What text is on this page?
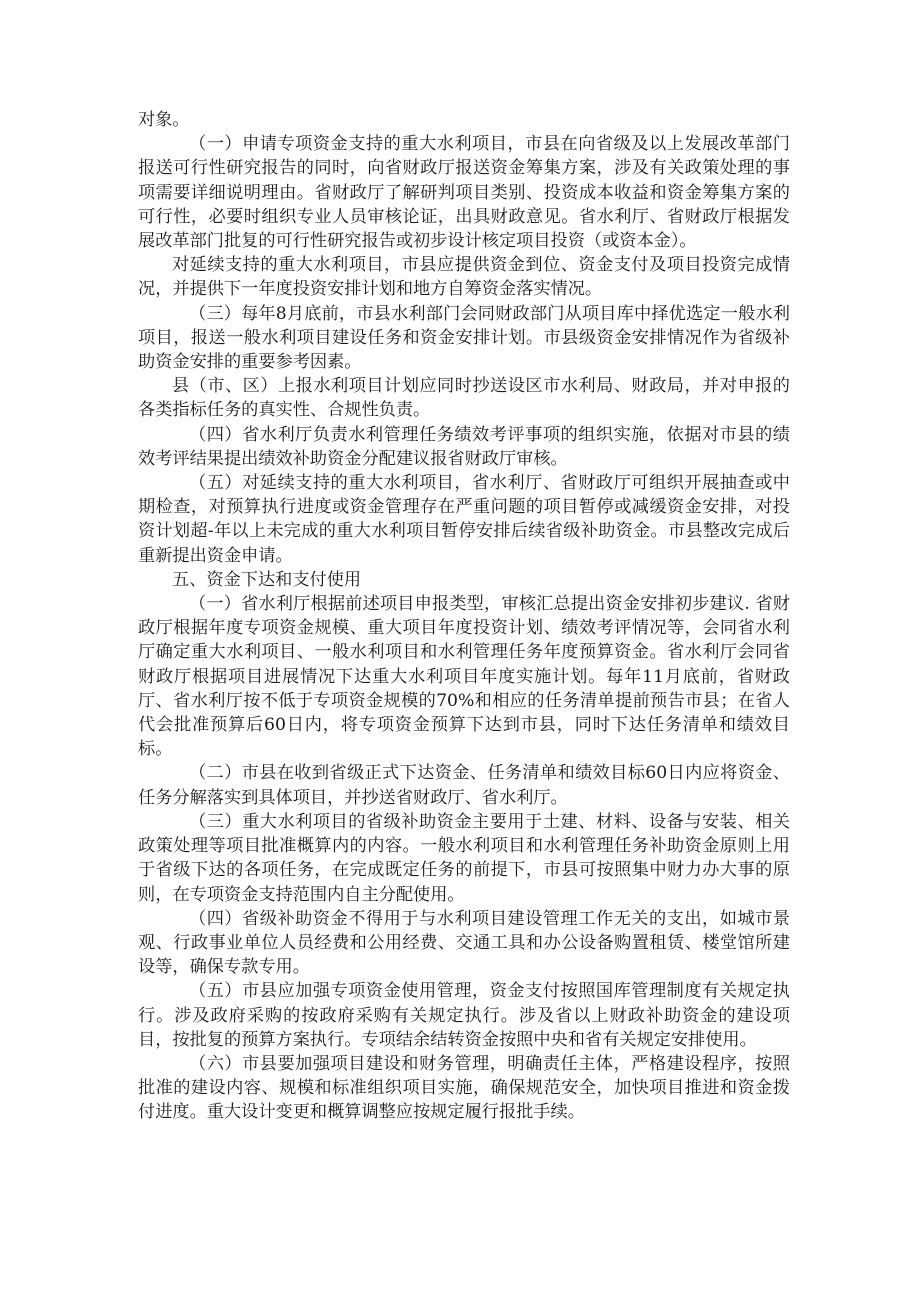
对象。

（一）申请专项资金支持的重大水利项目，市县在向省级及以上发展改革部门报送可行性研究报告的同时，向省财政厅报送资金筹集方案，涉及有关政策处理的事项需要详细说明理由。省财政厅了解研判项目类别、投资成本收益和资金筹集方案的可行性，必要时组织专业人员审核论证，出具财政意见。省水利厅、省财政厅根据发展改革部门批复的可行性研究报告或初步设计核定项目投资（或资本金）。

对延续支持的重大水利项目，市县应提供资金到位、资金支付及项目投资完成情况，并提供下一年度投资安排计划和地方自筹资金落实情况。

（三）每年8月底前，市县水利部门会同财政部门从项目库中择优选定一般水利项目，报送一般水利项目建设任务和资金安排计划。市县级资金安排情况作为省级补助资金安排的重要参考因素。

县（市、区）上报水利项目计划应同时抄送设区市水利局、财政局，并对申报的各类指标任务的真实性、合规性负责。

（四）省水利厅负责水利管理任务绩效考评事项的组织实施，依据对市县的绩效考评结果提出绩效补助资金分配建议报省财政厅审核。

（五）对延续支持的重大水利项目，省水利厅、省财政厅可组织开展抽查或中期检查，对预算执行进度或资金管理存在严重问题的项目暂停或减缓资金安排，对投资计划超-年以上未完成的重大水利项目暂停安排后续省级补助资金。市县整改完成后重新提出资金申请。

五、资金下达和支付使用

（一）省水利厅根据前述项目申报类型，审核汇总提出资金安排初步建议. 省财政厅根据年度专项资金规模、重大项目年度投资计划、绩效考评情况等，会同省水利厅确定重大水利项目、一般水利项目和水利管理任务年度预算资金。省水利厅会同省财政厅根据项目进展情况下达重大水利项目年度实施计划。每年11月底前，省财政厅、省水利厅按不低于专项资金规模的70%和相应的任务清单提前预告市县；在省人代会批准预算后60日内，将专项资金预算下达到市县，同时下达任务清单和绩效目标。

（二）市县在收到省级正式下达资金、任务清单和绩效目标60日内应将资金、任务分解落实到具体项目，并抄送省财政厅、省水利厅。

（三）重大水利项目的省级补助资金主要用于土建、材料、设备与安装、相关政策处理等项目批准概算内的内容。一般水利项目和水利管理任务补助资金原则上用于省级下达的各项任务，在完成既定任务的前提下，市县可按照集中财力办大事的原则，在专项资金支持范围内自主分配使用。

（四）省级补助资金不得用于与水利项目建设管理工作无关的支出，如城市景观、行政事业单位人员经费和公用经费、交通工具和办公设备购置租赁、楼堂馆所建设等，确保专款专用。

（五）市县应加强专项资金使用管理，资金支付按照国库管理制度有关规定执行。涉及政府采购的按政府采购有关规定执行。涉及省以上财政补助资金的建设项目，按批复的预算方案执行。专项结余结转资金按照中央和省有关规定安排使用。

（六）市县要加强项目建设和财务管理，明确责任主体，严格建设程序，按照批准的建设内容、规模和标准组织项目实施，确保规范安全，加快项目推进和资金拨付进度。重大设计变更和概算调整应按规定履行报批手续。
